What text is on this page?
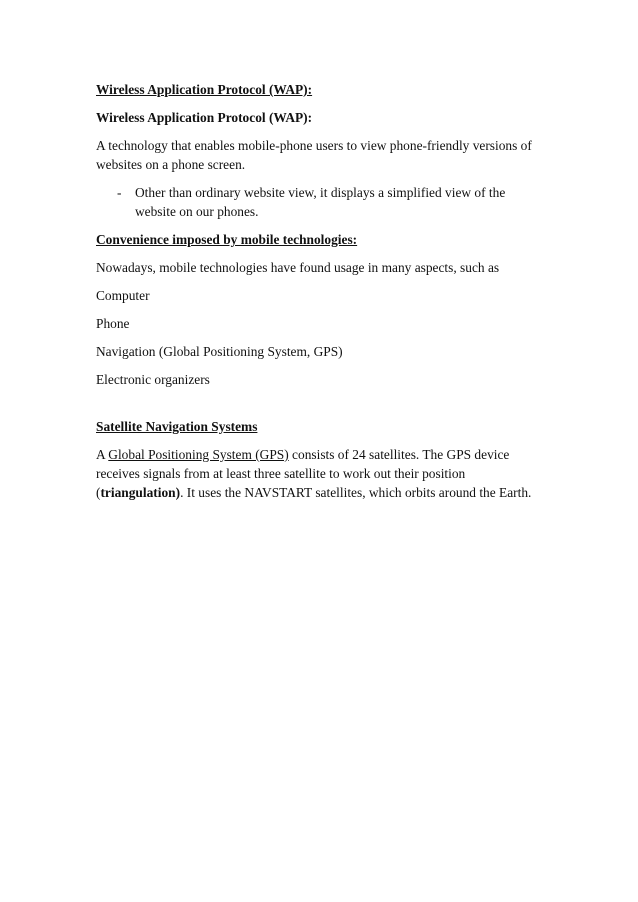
Wireless Application Protocol (WAP):

Wireless Application Protocol (WAP):

A technology that enables mobile-phone users to view phone-friendly versions of websites on a phone screen.

-	Other than ordinary website view, it displays a simplified view of the website on our phones.

Convenience imposed by mobile technologies:

Nowadays, mobile technologies have found usage in many aspects, such as

Computer

Phone

Navigation (Global Positioning System, GPS)

Electronic organizers

Satellite Navigation Systems

A Global Positioning System (GPS) consists of 24 satellites. The GPS device receives signals from at least three satellite to work out their position (triangulation). It uses the NAVSTART satellites, which orbits around the Earth.
